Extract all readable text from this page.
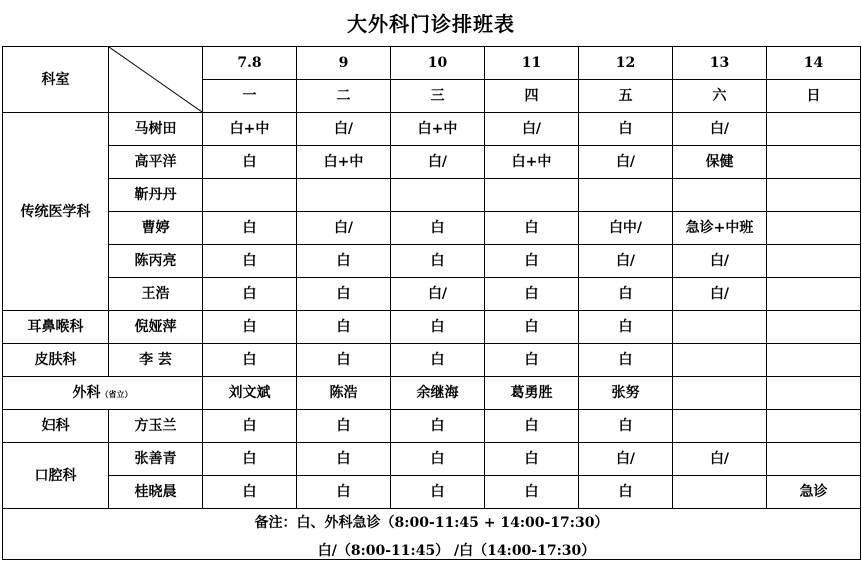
大外科门诊排班表
科室		7.8	9	10	11	12	13	14
		一	二	三	四	五	六	日
传统医学科	马树田	白+中	白/	白+中	白/	白	白/	
	高平洋	白	白+中	白/	白+中	白/	保健	
	靳丹丹							
	曹婷	白	白/	白	白	白中/	急诊+中班	
	陈丙亮	白	白	白	白	白/	白/	
	王浩	白	白	白/	白	白	白/	
耳鼻喉科	倪娅萍	白	白	白	白	白		
皮肤科	李 芸	白	白	白	白	白		
外科（省立）		刘文斌	陈浩	余继海	葛勇胜	张努		
妇科	方玉兰	白	白	白	白	白		
口腔科	张善青	白	白	白	白	白/	白/	
	桂晓晨	白	白	白	白	白		急诊

备注：白、外科急诊（8:00-11:45 + 14:00-17:30）
白/（8:00-11:45） /白（14:00-17:30）								
